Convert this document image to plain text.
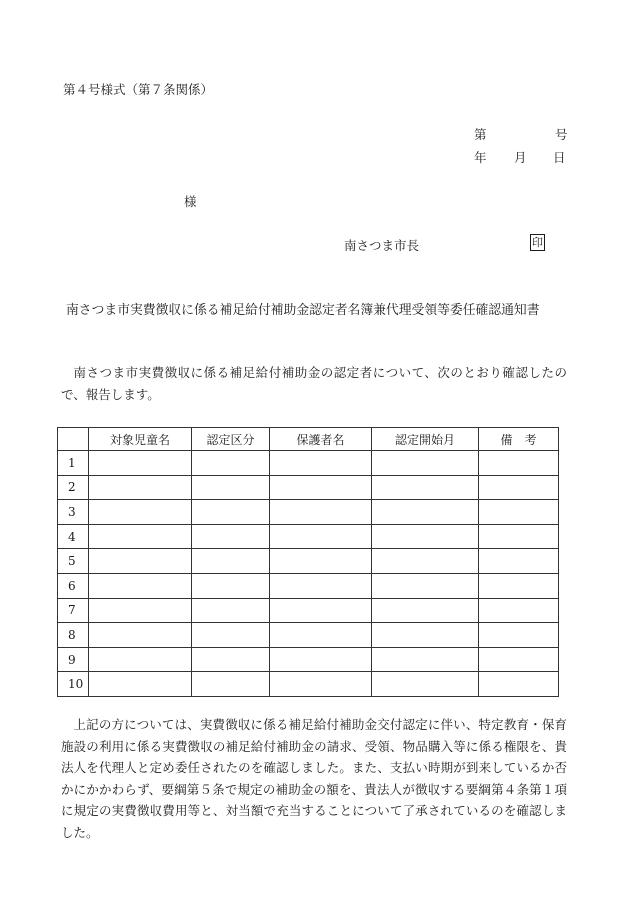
第４号様式（第７条関係）
第	号
年 月 日
様
南さつま市長	印
南さつま市実費徴収に係る補足給付補助金認定者名簿兼代理受領等委任確認通知書
南さつま市実費徴収に係る補足給付補助金の認定者について、次のとおり確認したので、報告します。
	対象児童名	認定区分	保護者名	認定開始月	備　考
1					
2					
3					
4					
5					
6					
7					
8					
9					
10					
上記の方については、実費徴収に係る補足給付補助金交付認定に伴い、特定教育・保育施設の利用に係る実費徴収の補足給付補助金の請求、受領、物品購入等に係る権限を、貴法人を代理人と定め委任されたのを確認しました。また、支払い時期が到来しているか否かにかかわらず、要綱第５条で規定の補助金の額を、貴法人が徴収する要綱第４条第１項に規定の実費徴収費用等と、対当額で充当することについて了承されているのを確認しました。
